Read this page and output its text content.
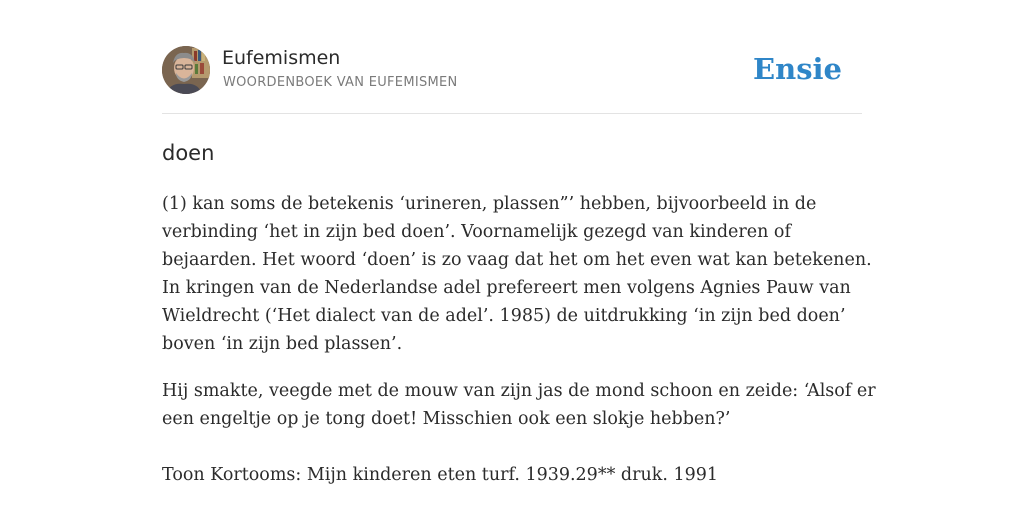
Eufemismen
WOORDENBOEK VAN EUFEMISMEN	Ensie
doen

(1) kan soms de betekenis ‘urineren, plassen”’ hebben, bijvoorbeeld in de
verbinding ‘het in zijn bed doen’. Voornamelijk gezegd van kinderen of
bejaarden. Het woord ‘doen’ is zo vaag dat het om het even wat kan betekenen.
In kringen van de Nederlandse adel prefereert men volgens Agnies Pauw van
Wieldrecht (‘Het dialect van de adel’. 1985) de uitdrukking ‘in zijn bed doen’
boven ‘in zijn bed plassen’.

Hij smakte, veegde met de mouw van zijn jas de mond schoon en zeide: ‘Alsof er
een engeltje op je tong doet! Misschien ook een slokje hebben?’

Toon Kortooms: Mijn kinderen eten turf. 1939.29** druk. 1991
